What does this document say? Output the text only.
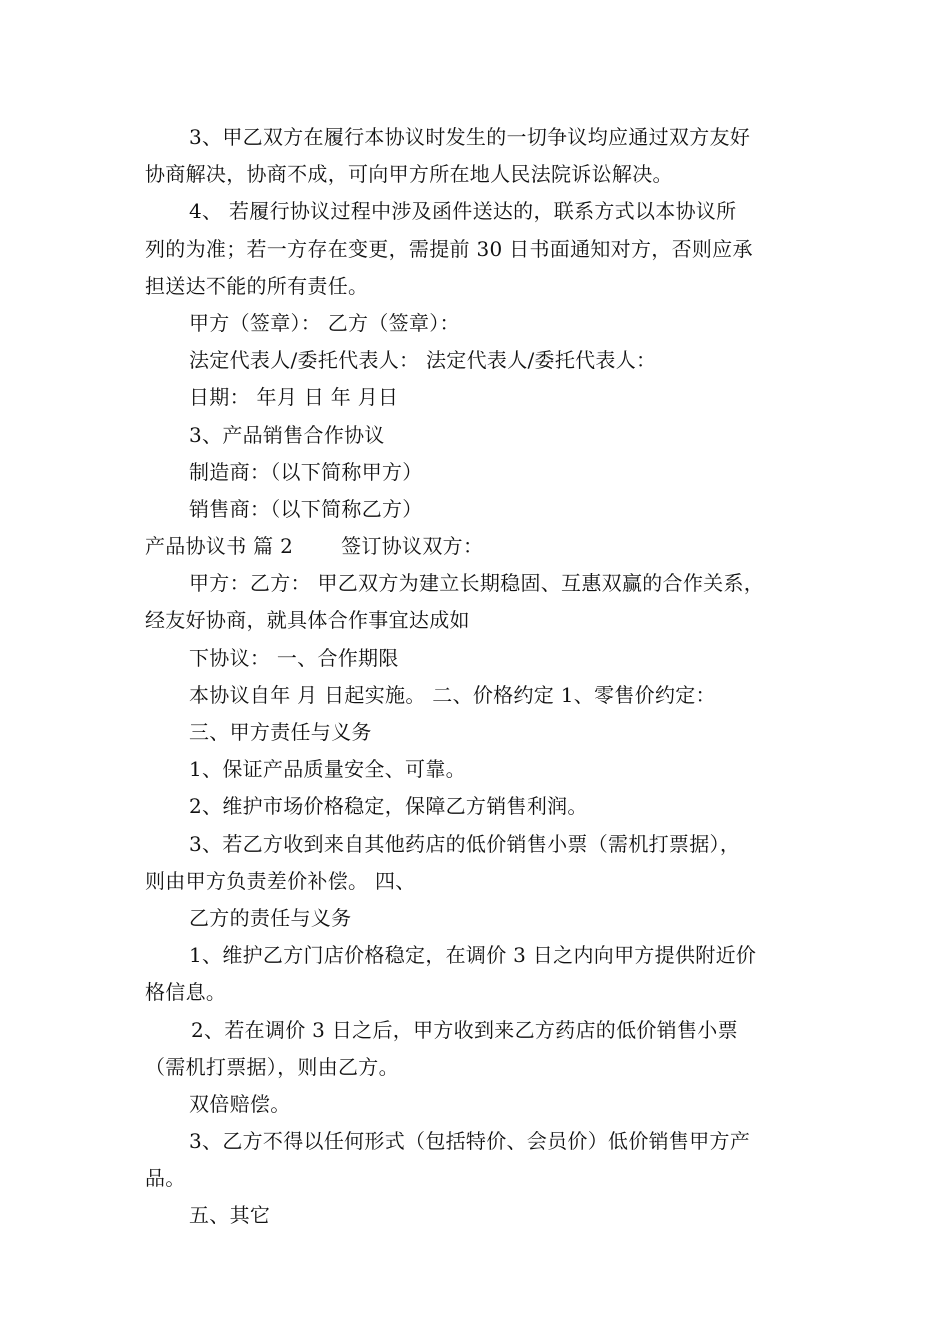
3、甲乙双方在履行本协议时发生的一切争议均应通过双方友好
协商解决，协商不成，可向甲方所在地人民法院诉讼解决。
4、 若履行协议过程中涉及函件送达的，联系方式以本协议所
列的为准；若一方存在变更，需提前 30 日书面通知对方，否则应承
担送达不能的所有责任。
甲方（签章）： 乙方（签章）：
法定代表人/委托代表人： 法定代表人/委托代表人：
日期： 年月 日 年 月日
3、产品销售合作协议
制造商：（以下简称甲方）
销售商：（以下简称乙方）
产品协议书 篇 2 签订协议双方：
甲方：乙方： 甲乙双方为建立长期稳固、互惠双赢的合作关系，
经友好协商，就具体合作事宜达成如
下协议： 一、合作期限
本协议自年 月 日起实施。 二、价格约定 1、零售价约定：
三、甲方责任与义务
1、保证产品质量安全、可靠。
2、维护市场价格稳定，保障乙方销售利润。
3、若乙方收到来自其他药店的低价销售小票（需机打票据），
则由甲方负责差价补偿。 四、
乙方的责任与义务
1、维护乙方门店价格稳定，在调价 3 日之内向甲方提供附近价
格信息。
2、若在调价 3 日之后，甲方收到来乙方药店的低价销售小票
（需机打票据），则由乙方。
双倍赔偿。
3、乙方不得以任何形式（包括特价、会员价）低价销售甲方产
品。
五、其它
